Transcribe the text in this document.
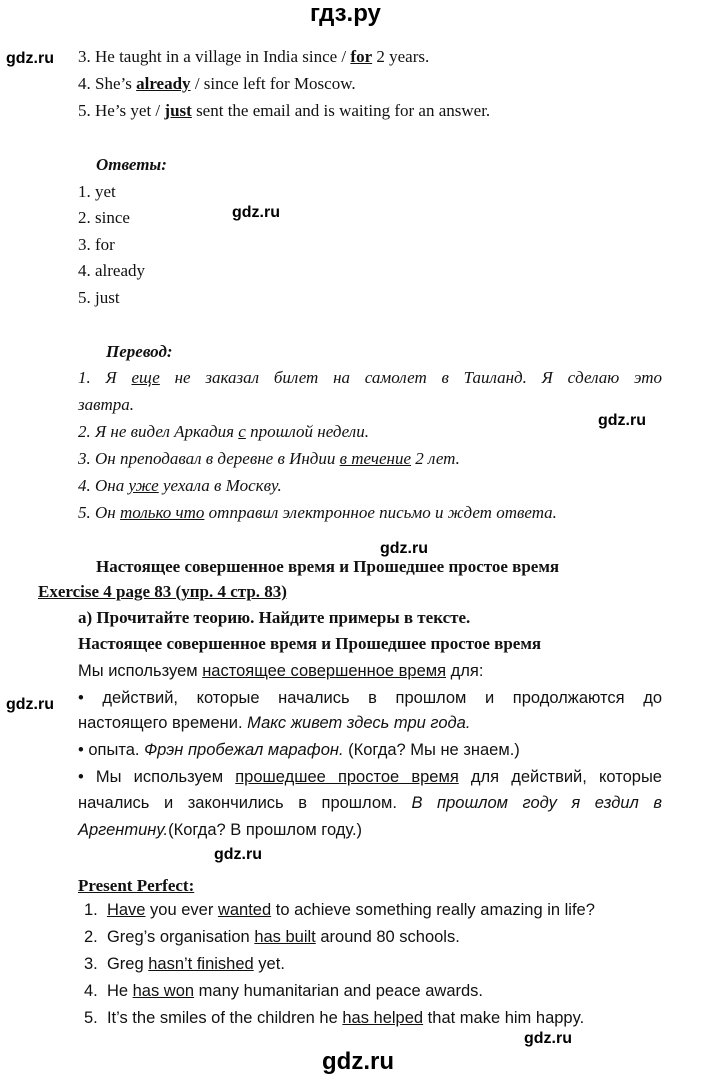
гдз.ру
gdz.ru 3. He taught in a village in India since / for 2 years.
4. She’s already / since left for Moscow.
5. He’s yet / just sent the email and is waiting for an answer.
Ответы:
1. yet
2. since
3. for
4. already
5. just
gdz.ru
Перевод:
1. Я еще не заказал билет на самолет в Таиланд. Я сделаю это
завтра.
2. Я не видел Аркадия с прошлой недели.
gdz.ru
3. Он преподавал в деревне в Индии в течение 2 лет.
4. Она уже уехала в Москву.
5. Он только что отправил электронное письмо и ждет ответа.
gdz.ru
Настоящее совершенное время и Прошедшее простое время
Exercise 4 page 83 (упр. 4 стр. 83)
а) Прочитайте теорию. Найдите примеры в тексте.
Настоящее совершенное время и Прошедшее простое время
Мы используем настоящее совершенное время для:
gdz.ru • действий, которые начались в прошлом и продолжаются до
настоящего времени. Макс живет здесь три года.
• опыта. Фрэн пробежал марафон. (Когда? Мы не знаем.)
• Мы используем прошедшее простое время для действий, которые
начались и закончились в прошлом. В прошлом году я ездил в
Аргентину.(Когда? В прошлом году.)
gdz.ru
Present Perfect:
1. Have you ever wanted to achieve something really amazing in life?
2. Greg’s organisation has built around 80 schools.
3. Greg hasn’t finished yet.
4. He has won many humanitarian and peace awards.
5. It’s the smiles of the children he has helped that make him happy.
gdz.ru
gdz.ru
